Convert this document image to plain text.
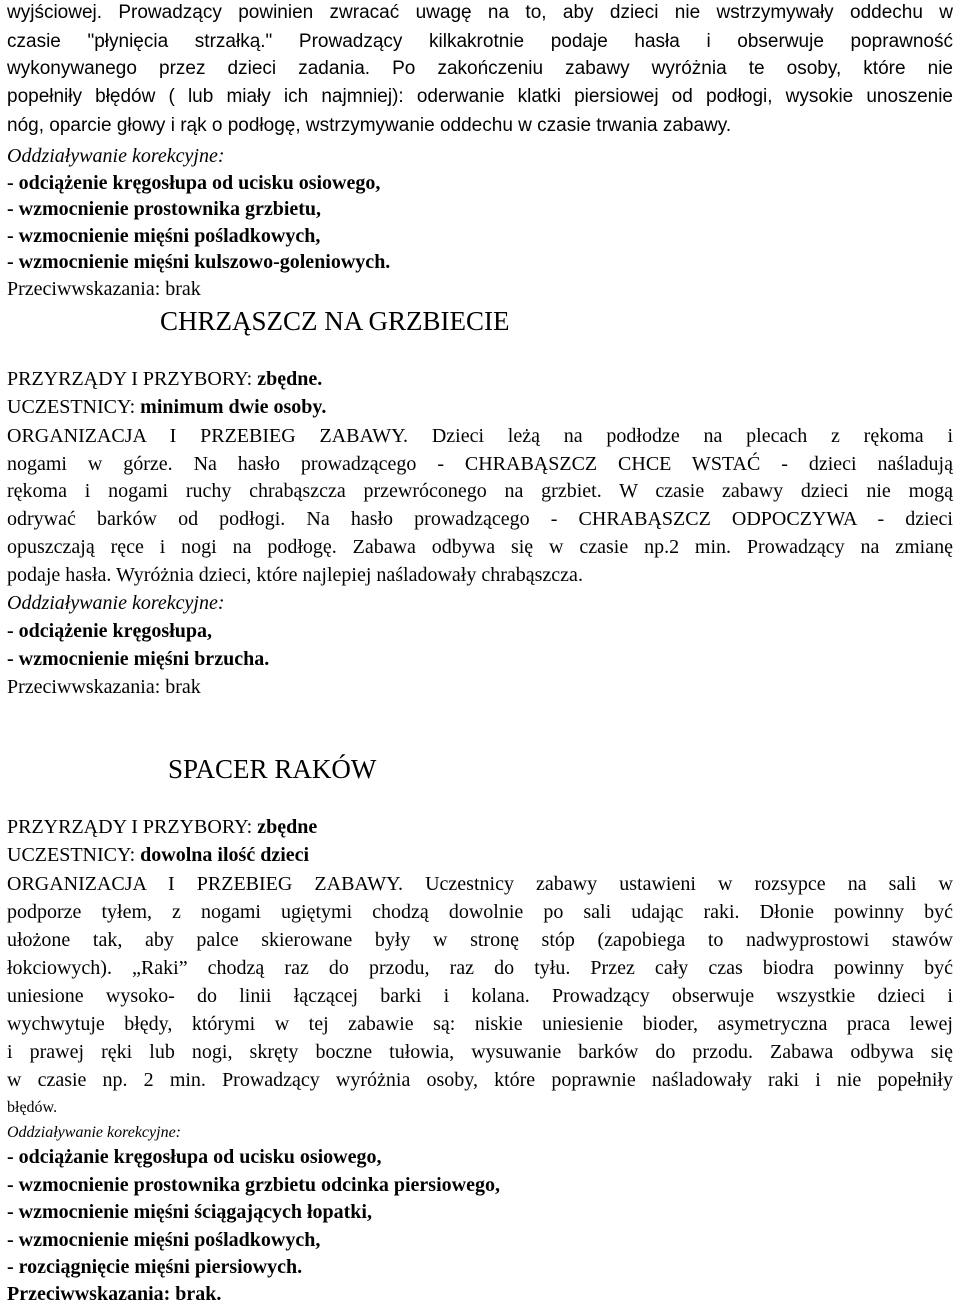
wyjściowej. Prowadzący powinien zwracać uwagę na to, aby dzieci nie wstrzymywały oddechu w

czasie "płynięcia strzałką." Prowadzący kilkakrotnie podaje hasła i obserwuje poprawność

wykonywanego przez dzieci zadania. Po zakończeniu zabawy wyróżnia te osoby, które nie

popełniły błędów ( lub miały ich najmniej): oderwanie klatki piersiowej od podłogi, wysokie unoszenie

nóg, oparcie głowy i rąk o podłogę, wstrzymywanie oddechu w czasie trwania zabawy.

Oddziaływanie korekcyjne:

- odciążenie kręgosłupa od ucisku osiowego,

- wzmocnienie prostownika grzbietu,

- wzmocnienie mięśni pośladkowych,

- wzmocnienie mięśni kulszowo-goleniowych.

Przeciwwskazania: brak

CHRZĄSZCZ NA GRZBIECIE

PRZYRZĄDY I PRZYBORY: zbędne.

UCZESTNICY: minimum dwie osoby.

ORGANIZACJA I PRZEBIEG ZABAWY. Dzieci leżą na podłodze na plecach z rękoma i

nogami w górze. Na hasło prowadzącego - CHRABĄSZCZ CHCE WSTAĆ - dzieci naśladują

rękoma i nogami ruchy chrabąszcza przewróconego na grzbiet. W czasie zabawy dzieci nie mogą

odrywać barków od podłogi. Na hasło prowadzącego - CHRABĄSZCZ ODPOCZYWA - dzieci

opuszczają ręce i nogi na podłogę. Zabawa odbywa się w czasie np.2 min. Prowadzący na zmianę

podaje hasła. Wyróżnia dzieci, które najlepiej naśladowały chrabąszcza.

Oddziaływanie korekcyjne:

- odciążenie kręgosłupa,

- wzmocnienie mięśni brzucha.

Przeciwwskazania: brak

SPACER RAKÓW

PRZYRZĄDY I PRZYBORY: zbędne

UCZESTNICY: dowolna ilość dzieci

ORGANIZACJA I PRZEBIEG ZABAWY. Uczestnicy zabawy ustawieni w rozsypce na sali w

podporze tyłem, z nogami ugiętymi chodzą dowolnie po sali udając raki. Dłonie powinny być

ułożone tak, aby palce skierowane były w stronę stóp (zapobiega to nadwyprostowi stawów

łokciowych). „Raki” chodzą raz do przodu, raz do tyłu. Przez cały czas biodra powinny być

uniesione wysoko- do linii łączącej barki i kolana. Prowadzący obserwuje wszystkie dzieci i

wychwytuje błędy, którymi w tej zabawie są: niskie uniesienie bioder, asymetryczna praca lewej

i prawej ręki lub nogi, skręty boczne tułowia, wysuwanie barków do przodu. Zabawa odbywa się

w czasie np. 2 min. Prowadzący wyróżnia osoby, które poprawnie naśladowały raki i nie popełniły

błędów.

Oddziaływanie korekcyjne:

- odciążanie kręgosłupa od ucisku osiowego,

- wzmocnienie prostownika grzbietu odcinka piersiowego,

- wzmocnienie mięśni ściągających łopatki,

- wzmocnienie mięśni pośladkowych,

- rozciągnięcie mięśni piersiowych.

Przeciwwskazania: brak.
